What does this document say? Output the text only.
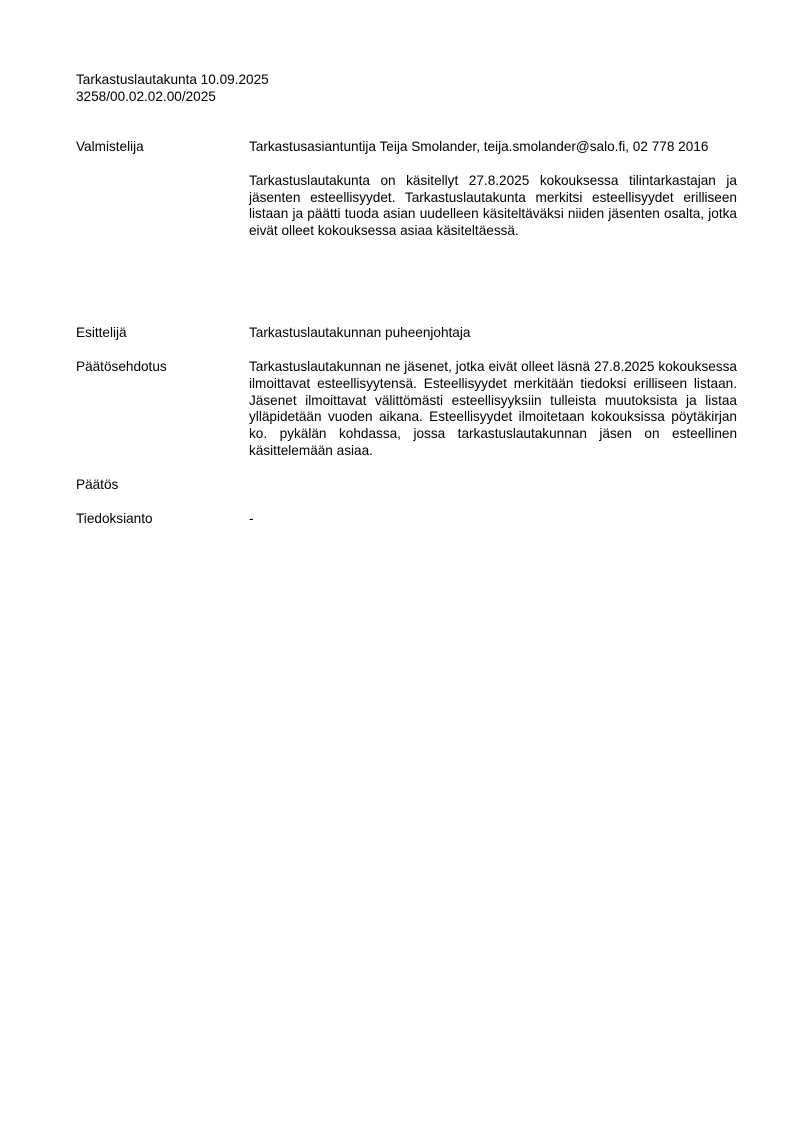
Tarkastuslautakunta 10.09.2025
3258/00.02.02.00/2025
Valmistelija	Tarkastusasiantuntija Teija Smolander, teija.smolander@salo.fi, 02 778 2016

Tarkastuslautakunta on käsitellyt 27.8.2025 kokouksessa tilintarkastajan ja jäsenten esteellisyydet. Tarkastuslautakunta merkitsi esteellisyydet erilliseen listaan ja päätti tuoda asian uudelleen käsiteltäväksi niiden jäsenten osalta, jotka eivät olleet kokouksessa asiaa käsiteltäessä.

Esittelijä	Tarkastuslautakunnan puheenjohtaja

Päätösehdotus	Tarkastuslautakunnan ne jäsenet, jotka eivät olleet läsnä 27.8.2025 kokouksessa ilmoittavat esteellisyytensä. Esteellisyydet merkitään tiedoksi erilliseen listaan. Jäsenet ilmoittavat välittömästi esteellisyyksiin tulleista muutoksista ja listaa ylläpidetään vuoden aikana. Esteellisyydet ilmoitetaan kokouksissa pöytäkirjan ko. pykälän kohdassa, jossa tarkastuslautakunnan jäsen on esteellinen käsittelemään asiaa.

Päätös

Tiedoksianto	-
